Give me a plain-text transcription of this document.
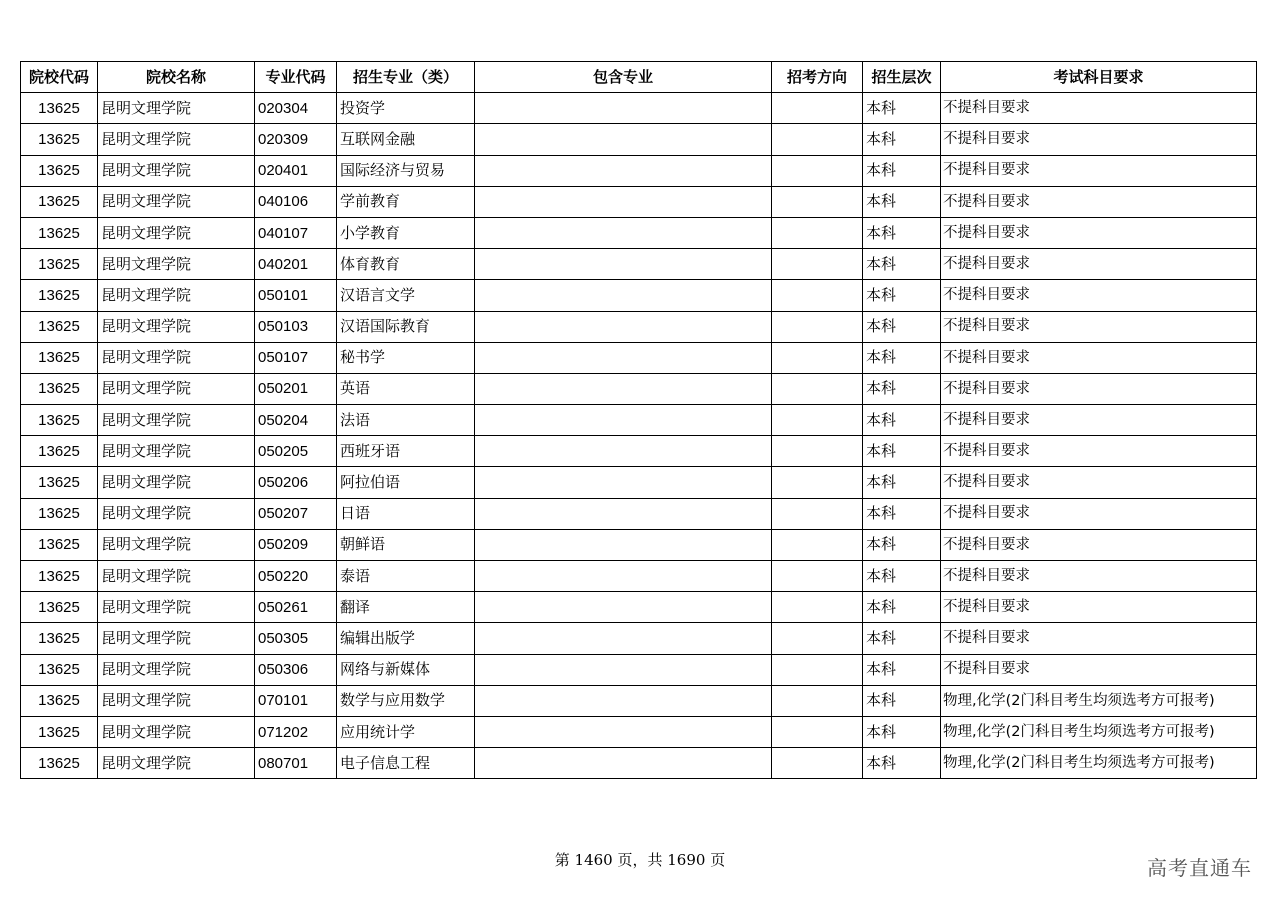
院校代码	院校名称	专业代码	招生专业（类）	包含专业	招考方向	招生层次	考试科目要求
13625	昆明文理学院	020304	投资学			本科	不提科目要求
13625	昆明文理学院	020309	互联网金融			本科	不提科目要求
13625	昆明文理学院	020401	国际经济与贸易			本科	不提科目要求
13625	昆明文理学院	040106	学前教育			本科	不提科目要求
13625	昆明文理学院	040107	小学教育			本科	不提科目要求
13625	昆明文理学院	040201	体育教育			本科	不提科目要求
13625	昆明文理学院	050101	汉语言文学			本科	不提科目要求
13625	昆明文理学院	050103	汉语国际教育			本科	不提科目要求
13625	昆明文理学院	050107	秘书学			本科	不提科目要求
13625	昆明文理学院	050201	英语			本科	不提科目要求
13625	昆明文理学院	050204	法语			本科	不提科目要求
13625	昆明文理学院	050205	西班牙语			本科	不提科目要求
13625	昆明文理学院	050206	阿拉伯语			本科	不提科目要求
13625	昆明文理学院	050207	日语			本科	不提科目要求
13625	昆明文理学院	050209	朝鲜语			本科	不提科目要求
13625	昆明文理学院	050220	泰语			本科	不提科目要求
13625	昆明文理学院	050261	翻译			本科	不提科目要求
13625	昆明文理学院	050305	编辑出版学			本科	不提科目要求
13625	昆明文理学院	050306	网络与新媒体			本科	不提科目要求
13625	昆明文理学院	070101	数学与应用数学			本科	物理,化学(2门科目考生均须选考方可报考)
13625	昆明文理学院	071202	应用统计学			本科	物理,化学(2门科目考生均须选考方可报考)
13625	昆明文理学院	080701	电子信息工程			本科	物理,化学(2门科目考生均须选考方可报考)
第 1460 页，共 1690 页	高考直通车
